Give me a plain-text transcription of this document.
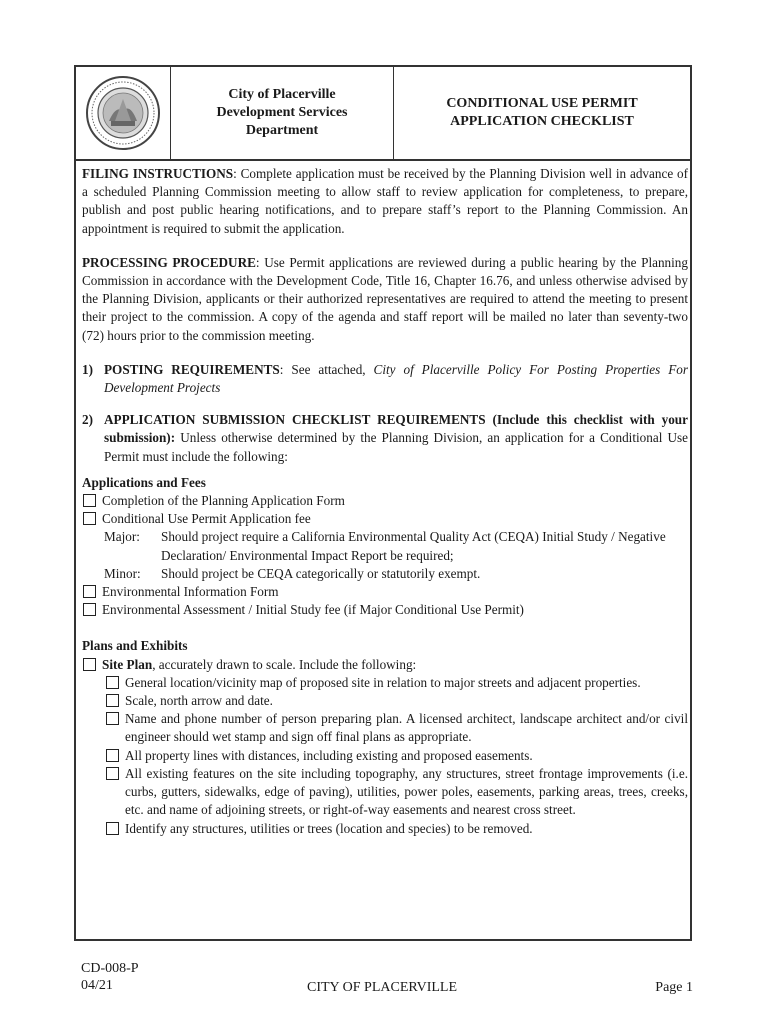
City of Placerville
Development Services
Department
CONDITIONAL USE PERMIT
APPLICATION CHECKLIST

FILING INSTRUCTIONS: Complete application must be received by the Planning Division well in advance of a scheduled Planning Commission meeting to allow staff to review application for completeness, to prepare, publish and post public hearing notifications, and to prepare staff’s report to the Planning Commission. An appointment is required to submit the application.

PROCESSING PROCEDURE: Use Permit applications are reviewed during a public hearing by the Planning Commission in accordance with the Development Code, Title 16, Chapter 16.76, and unless otherwise advised by the Planning Division, applicants or their authorized representatives are required to attend the meeting to present their project to the commission. A copy of the agenda and staff report will be mailed no later than seventy-two (72) hours prior to the commission meeting.

1) POSTING REQUIREMENTS: See attached, City of Placerville Policy For Posting Properties For Development Projects
2) APPLICATION SUBMISSION CHECKLIST REQUIREMENTS (Include this checklist with your submission): Unless otherwise determined by the Planning Division, an application for a Conditional Use Permit must include the following:
Applications and Fees
Completion of the Planning Application Form
Conditional Use Permit Application fee
Major:	Should project require a California Environmental Quality Act (CEQA) Initial Study / Negative Declaration/ Environmental Impact Report be required;
Minor:	Should project be CEQA categorically or statutorily exempt.
Environmental Information Form
Environmental Assessment / Initial Study fee (if Major Conditional Use Permit)
Plans and Exhibits
Site Plan, accurately drawn to scale. Include the following:
General location/vicinity map of proposed site in relation to major streets and adjacent properties.
Scale, north arrow and date.
Name and phone number of person preparing plan. A licensed architect, landscape architect and/or civil engineer should wet stamp and sign off final plans as appropriate.
All property lines with distances, including existing and proposed easements.
All existing features on the site including topography, any structures, street frontage improvements (i.e. curbs, gutters, sidewalks, edge of paving), utilities, power poles, easements, parking areas, trees, creeks, etc. and name of adjoining streets, or right-of-way easements and nearest cross street.
Identify any structures, utilities or trees (location and species) to be removed.
CD-008-P
04/21	CITY OF PLACERVILLE	Page 1
